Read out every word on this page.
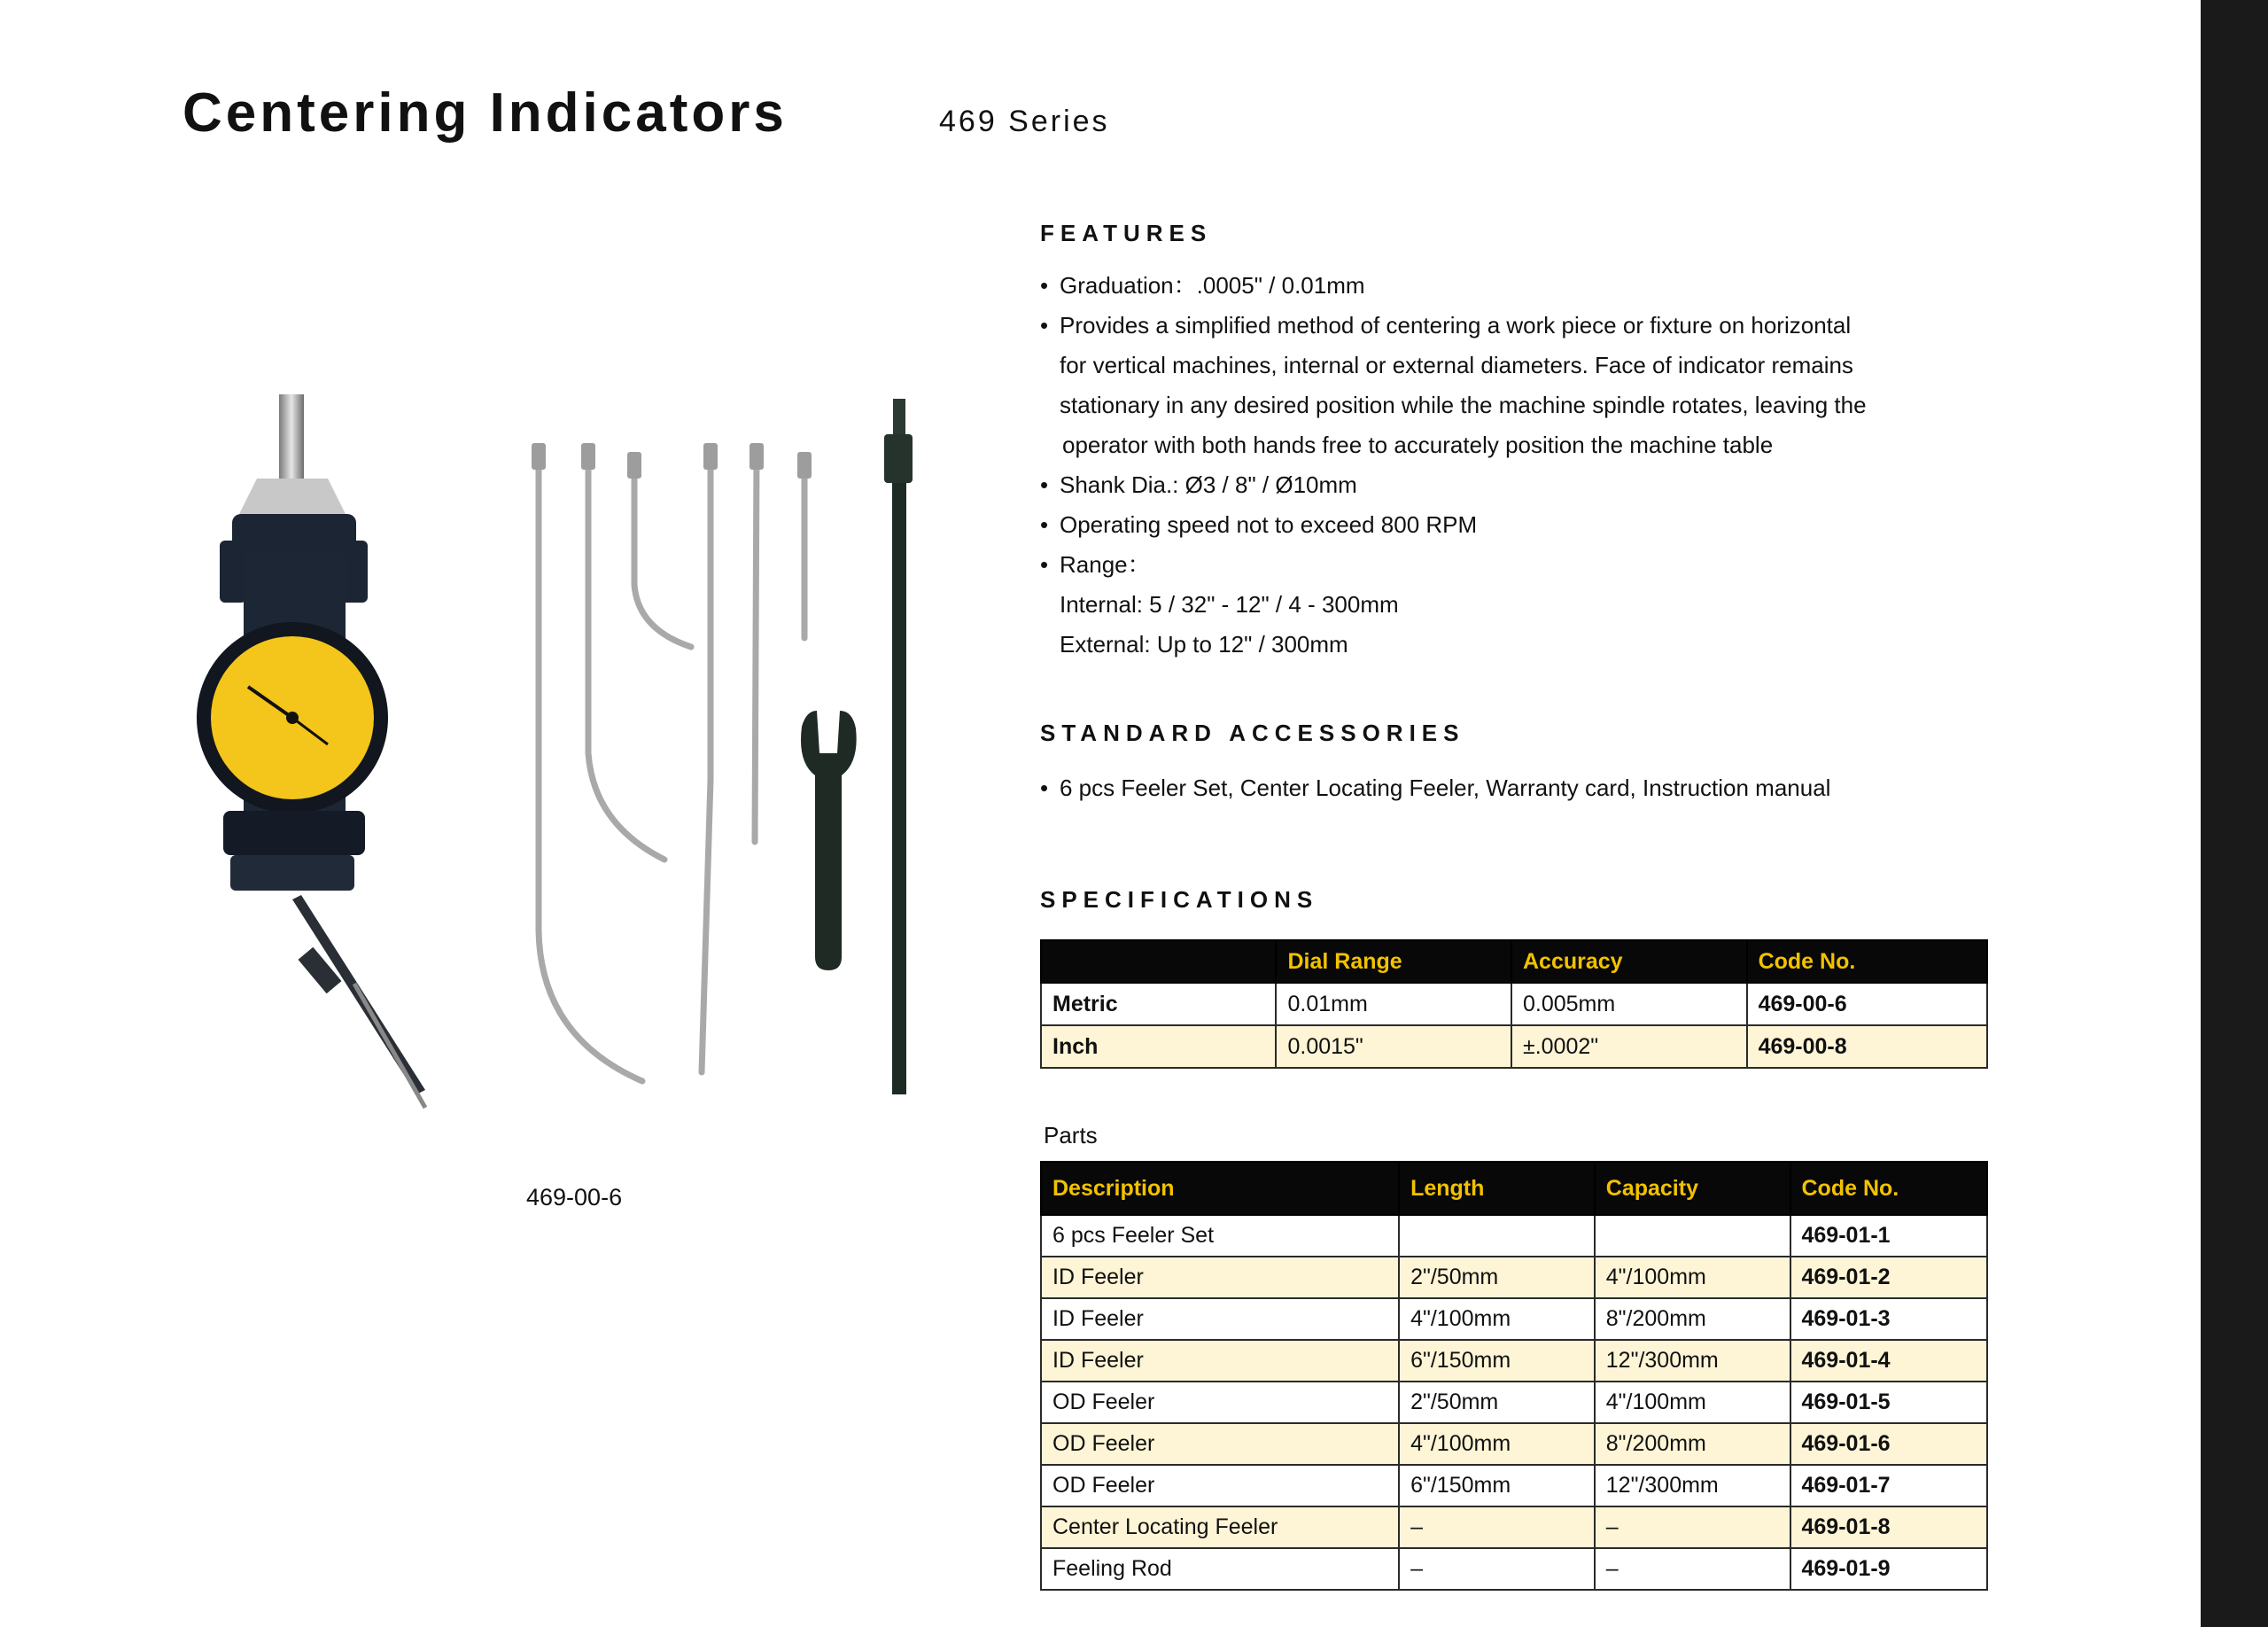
Centering Indicators	469 Series
469-00-6
FEATURES
• Graduation：.0005" / 0.01mm
• Provides a simplified method of centering a work piece or fixture on horizontal
for vertical machines, internal or external diameters. Face of indicator remains
stationary in any desired position while the machine spindle rotates, leaving the
operator with both hands free to accurately position the machine table
• Shank Dia.: Ø3 / 8" / Ø10mm
• Operating speed not to exceed 800 RPM
• Range：
Internal: 5 / 32" - 12" / 4 - 300mm
External: Up to 12" / 300mm
STANDARD ACCESSORIES
• 6 pcs Feeler Set, Center Locating Feeler, Warranty card, Instruction manual
SPECIFICATIONS
	Dial Range	Accuracy	Code No.
Metric	0.01mm	0.005mm	469-00-6
Inch	0.0015"	±.0002"	469-00-8
Parts
Description	Length	Capacity	Code No.
6 pcs Feeler Set			469-01-1
ID Feeler	2"/50mm	4"/100mm	469-01-2
ID Feeler	4"/100mm	8"/200mm	469-01-3
ID Feeler	6"/150mm	12"/300mm	469-01-4
OD Feeler	2"/50mm	4"/100mm	469-01-5
OD Feeler	4"/100mm	8"/200mm	469-01-6
OD Feeler	6"/150mm	12"/300mm	469-01-7
Center Locating Feeler	–	–	469-01-8
Feeling Rod	–	–	469-01-9
